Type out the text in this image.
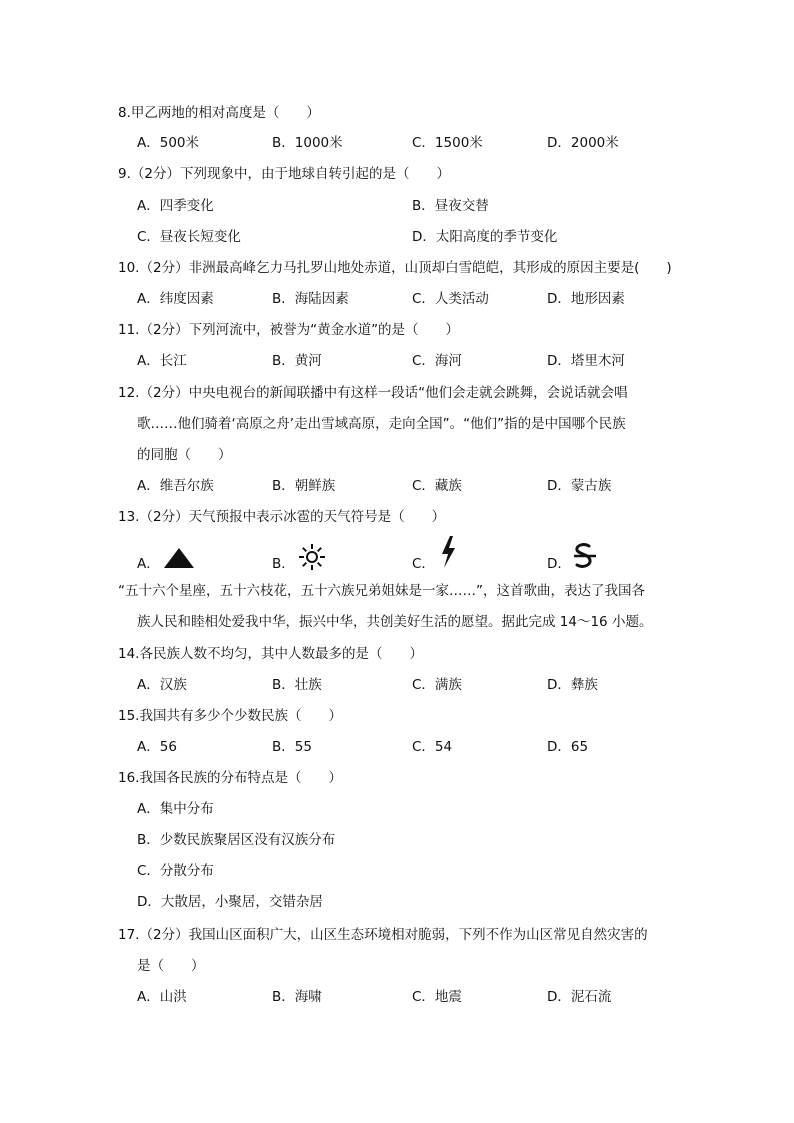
8.甲乙两地的相对高度是（　　）
A．500米	B．1000米	C．1500米	D．2000米
9.（2分）下列现象中，由于地球自转引起的是（　　）
A．四季变化	B．昼夜交替
C．昼夜长短变化	D．太阳高度的季节变化
10.（2分）非洲最高峰乞力马扎罗山地处赤道，山顶却白雪皑皑，其形成的原因主要是(　　)
A．纬度因素	B．海陆因素	C．人类活动	D．地形因素
11.（2分）下列河流中，被誉为“黄金水道”的是（　　）
A．长江	B．黄河	C．海河	D．塔里木河
12.（2分）中央电视台的新闻联播中有这样一段话“他们会走就会跳舞，会说话就会唱
歌……他们骑着‘高原之舟’走出雪域高原，走向全国”。“他们”指的是中国哪个民族
的同胞（　　）
A．维吾尔族	B．朝鲜族	C．藏族	D．蒙古族
13.（2分）天气预报中表示冰雹的天气符号是（　　）
A．	B．	C．	D．
“五十六个星座，五十六枝花，五十六族兄弟姐妹是一家……”，这首歌曲，表达了我国各
族人民和睦相处爱我中华，振兴中华，共创美好生活的愿望。据此完成 14～16 小题。
14.各民族人数不均匀，其中人数最多的是（　　）
A．汉族	B．壮族	C．满族	D．彝族
15.我国共有多少个少数民族（　　）
A．56	B．55	C．54	D．65
16.我国各民族的分布特点是（　　）
A．集中分布
B．少数民族聚居区没有汉族分布
C．分散分布
D．大散居，小聚居，交错杂居
17.（2分）我国山区面积广大，山区生态环境相对脆弱，下列不作为山区常见自然灾害的
是（　　）
A．山洪	B．海啸	C．地震	D．泥石流
